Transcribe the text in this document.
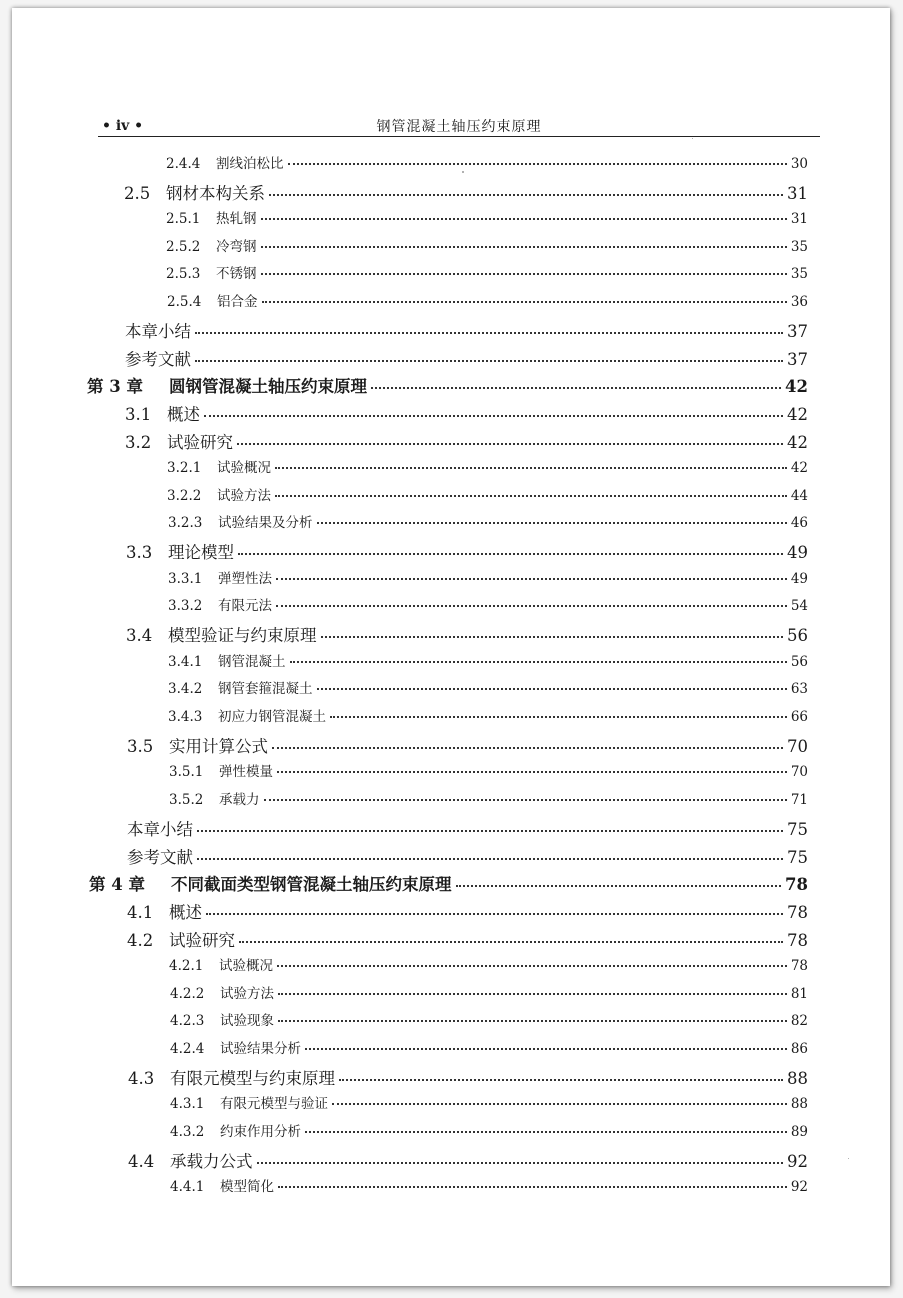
• iv •	钢管混凝土轴压约束原理
2.4.4	割线泊松比	30
2.5 钢材本构关系	31
2.5.1	热轧钢	31
2.5.2	冷弯钢	35
2.5.3	不锈钢	35
2.5.4	铝合金	36
本章小结	37
参考文献	37
第 3 章	圆钢管混凝土轴压约束原理	42
3.1 概述	42
3.2 试验研究	42
3.2.1	试验概况	42
3.2.2	试验方法	44
3.2.3	试验结果及分析	46
3.3 理论模型	49
3.3.1	弹塑性法	49
3.3.2	有限元法	54
3.4 模型验证与约束原理	56
3.4.1	钢管混凝土	56
3.4.2	钢管套箍混凝土	63
3.4.3	初应力钢管混凝土	66
3.5 实用计算公式	70
3.5.1	弹性模量	70
3.5.2	承载力	71
本章小结	75
参考文献	75
第 4 章	不同截面类型钢管混凝土轴压约束原理	78
4.1 概述	78
4.2 试验研究	78
4.2.1	试验概况	78
4.2.2	试验方法	81
4.2.3	试验现象	82
4.2.4	试验结果分析	86
4.3 有限元模型与约束原理	88
4.3.1	有限元模型与验证	88
4.3.2	约束作用分析	89
4.4 承载力公式	92
4.4.1	模型简化	92
